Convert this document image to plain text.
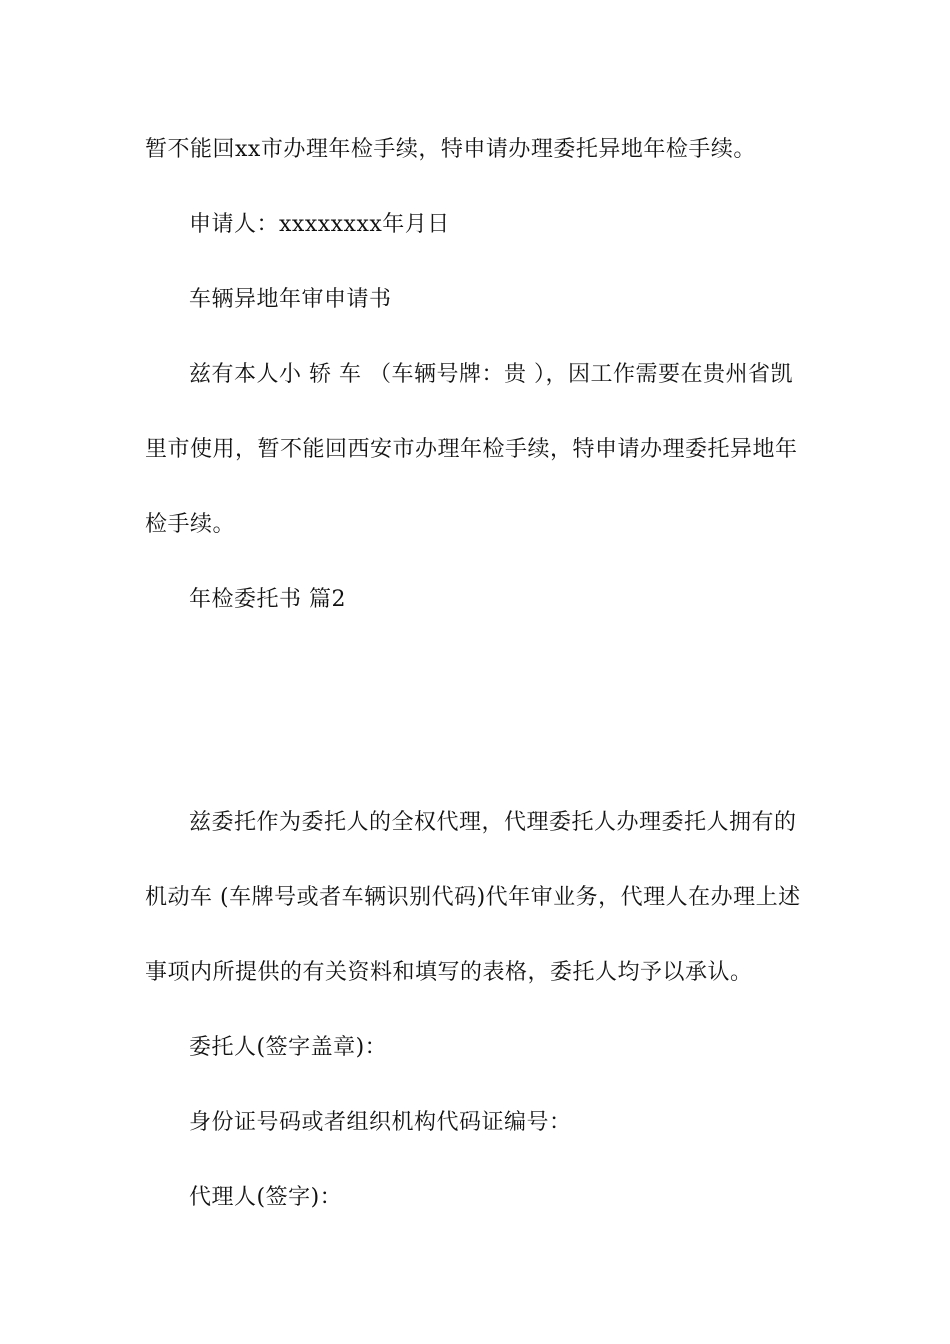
暂不能回xx市办理年检手续，特申请办理委托异地年检手续。

申请人：xxxxxxxx年月日

车辆异地年审申请书

兹有本人小 轿 车 （车辆号牌：贵 ），因工作需要在贵州省凯

里市使用，暂不能回西安市办理年检手续，特申请办理委托异地年

检手续。

年检委托书 篇2

兹委托作为委托人的全权代理，代理委托人办理委托人拥有的

机动车 (车牌号或者车辆识别代码)代年审业务，代理人在办理上述

事项内所提供的有关资料和填写的表格，委托人均予以承认。

委托人(签字盖章)：

身份证号码或者组织机构代码证编号：

代理人(签字)：
